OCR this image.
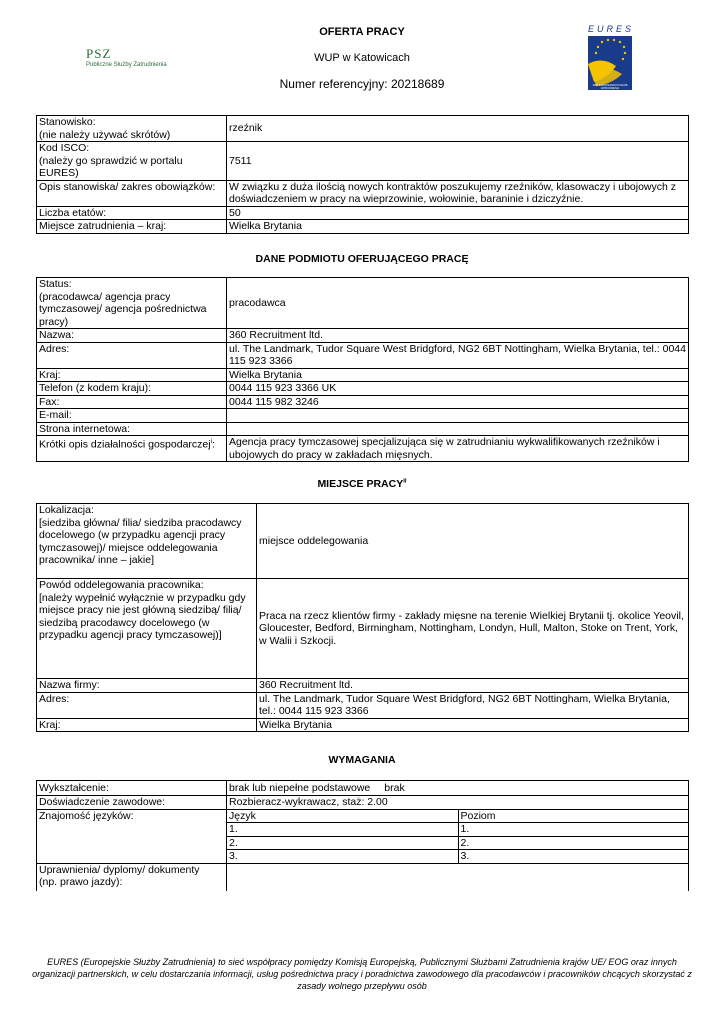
OFERTA PRACY
WUP w Katowicach
Numer referencyjny: 20218689
PSZ
Publiczne Służby Zatrudnienia
EURES
SIEĆ EUROPEJSKICH SŁUŻB ZATRUDNIENIA
Stanowisko:
(nie należy używać skrótów)	rzeźnik
Kod ISCO:
(należy go sprawdzić w portalu EURES)	7511
Opis stanowiska/ zakres obowiązków:	W związku z duża ilością nowych kontraktów poszukujemy rzeźników, klasowaczy i ubojowych z doświadczeniem w pracy na wieprzowinie, wołowinie, baraninie i dziczyźnie.
Liczba etatów:	50
Miejsce zatrudnienia – kraj:	Wielka Brytania
DANE PODMIOTU OFERUJĄCEGO PRACĘ
Status:
(pracodawca/ agencja pracy tymczasowej/ agencja pośrednictwa pracy)	pracodawca
Nazwa:	360 Recruitment ltd.
Adres:	ul. The Landmark, Tudor Square West Bridgford, NG2 6BT Nottingham, Wielka Brytania, tel.: 0044 115 923 3366
Kraj:	Wielka Brytania
Telefon (z kodem kraju):	0044 115 923 3366 UK
Fax:	0044 115 982 3246
E-mail:	
Strona internetowa:	
Krótki opis działalności gospodarczej$^i$:	Agencja pracy tymczasowej specjalizująca się w zatrudnianiu wykwalifikowanych rzeźników i ubojowych do pracy w zakładach mięsnych.
MIEJSCE PRACY$^{ii}$
Lokalizacja:
[siedziba główna/ filia/ siedziba pracodawcy docelowego (w przypadku agencji pracy tymczasowej)/ miejsce oddelegowania pracownika/ inne – jakie]	miejsce oddelegowania
Powód oddelegowania pracownika:
[należy wypełnić wyłącznie w przypadku gdy miejsce pracy nie jest główną siedzibą/ filią/ siedzibą pracodawcy docelowego (w przypadku agencji pracy tymczasowej)]	Praca na rzecz klientów firmy - zakłady mięsne na terenie Wielkiej Brytanii tj. okolice Yeovil, Gloucester, Bedford, Birmingham, Nottingham, Londyn, Hull, Malton, Stoke on Trent, York, w Walii i Szkocji.
Nazwa firmy:	360 Recruitment ltd.
Adres:	ul. The Landmark, Tudor Square West Bridgford, NG2 6BT Nottingham, Wielka Brytania, tel.: 0044 115 923 3366
Kraj:	Wielka Brytania
WYMAGANIA
Wykształcenie:	brak lub niepełne podstawowe brak
Doświadczenie zawodowe:	Rozbieracz-wykrawacz, staż: 2.00
Znajomość języków:		Język	Poziom
1.	1.
2.	2.
3.	3.

Uprawnienia/ dyplomy/ dokumenty
(np. prawo jazdy):	
EURES (Europejskie Służby Zatrudnienia) to sieć współpracy pomiędzy Komisją Europejską, Publicznymi Służbami Zatrudnienia krajów UE/ EOG oraz innych organizacji partnerskich, w celu dostarczania informacji, usług pośrednictwa pracy i poradnictwa zawodowego dla pracodawców i pracowników chcących skorzystać z zasady wolnego przepływu osób
